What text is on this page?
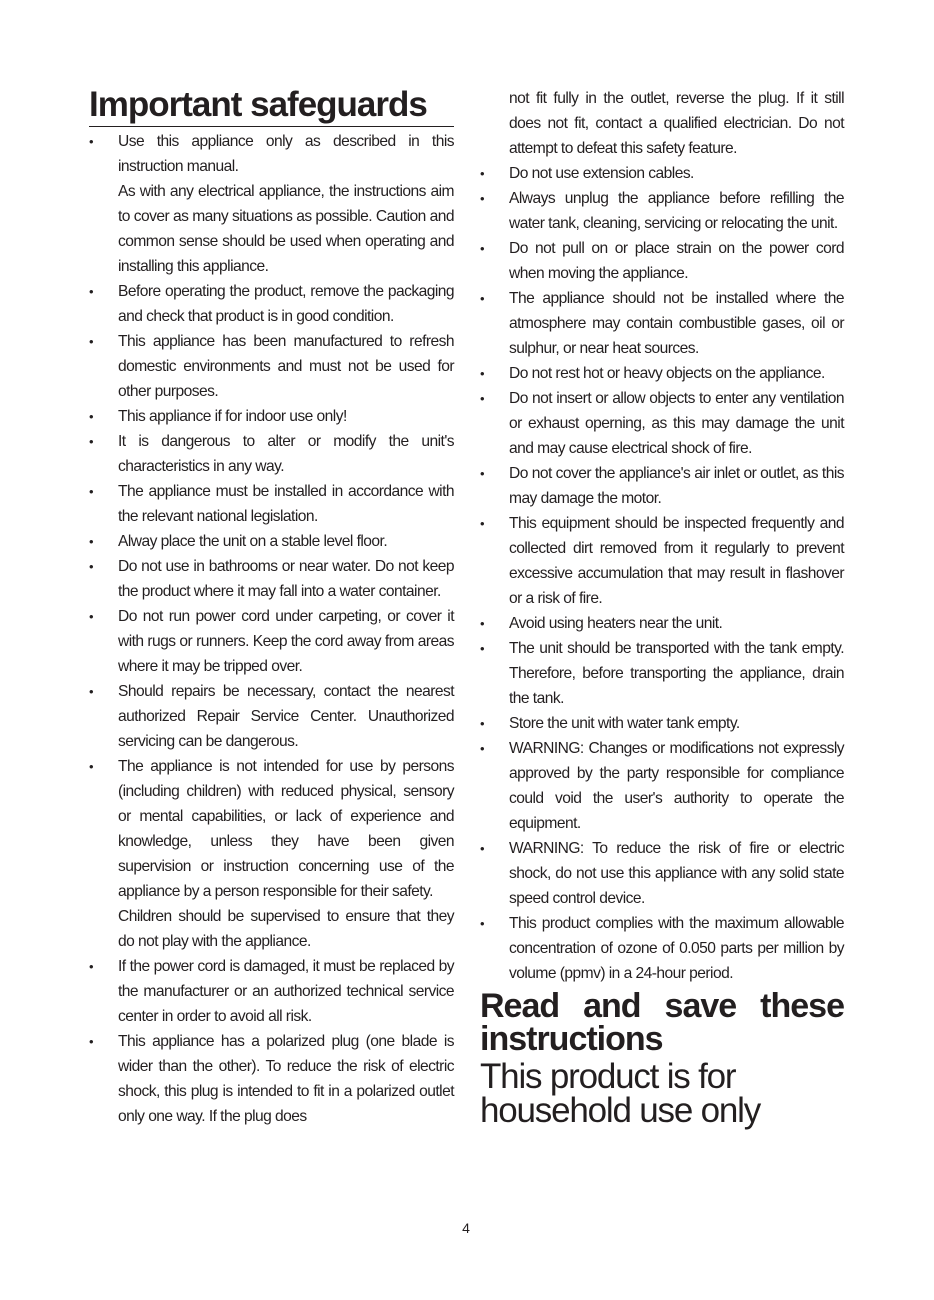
Important safeguards

• Use this appliance only as described in this instruction manual.

As with any electrical appliance, the instructions aim to cover as many situations as possible. Caution and common sense should be used when operating and installing this appliance.

• Before operating the product, remove the packaging and check that product is in good condition.

• This appliance has been manufactured to refresh domestic environments and must not be used for other purposes.

• This appliance if for indoor use only!

• It is dangerous to alter or modify the unit's characteristics in any way.

• The appliance must be installed in accordance with the relevant national legislation.

• Alway place the unit on a stable level floor.

• Do not use in bathrooms or near water. Do not keep the product where it may fall into a water container.

• Do not run power cord under carpeting, or cover it with rugs or runners. Keep the cord away from areas where it may be tripped over.

• Should repairs be necessary, contact the nearest authorized Repair Service Center. Unauthorized servicing can be dangerous.

• The appliance is not intended for use by persons (including children) with reduced physical, sensory or mental capabilities, or lack of experience and knowledge, unless they have been given supervision or instruction concerning use of the appliance by a person responsible for their safety.

Children should be supervised to ensure that they do not play with the appliance.

• If the power cord is damaged, it must be replaced by the manufacturer or an authorized technical service center in order to avoid all risk.

• This appliance has a polarized plug (one blade is wider than the other). To reduce the risk of electric shock, this plug is intended to fit in a polarized outlet only one way. If the plug does

not fit fully in the outlet, reverse the plug. If it still does not fit, contact a qualified electrician. Do not attempt to defeat this safety feature.

• Do not use extension cables.

• Always unplug the appliance before refilling the water tank, cleaning, servicing or relocating the unit.

• Do not pull on or place strain on the power cord when moving the appliance.

• The appliance should not be installed where the atmosphere may contain combustible gases, oil or sulphur, or near heat sources.

• Do not rest hot or heavy objects on the appliance.

• Do not insert or allow objects to enter any ventilation or exhaust operning, as this may damage the unit and may cause electrical shock of fire.

• Do not cover the appliance's air inlet or outlet, as this may damage the motor.

• This equipment should be inspected frequently and collected dirt removed from it regularly to prevent excessive accumulation that may result in flashover or a risk of fire.

• Avoid using heaters near the unit.

• The unit should be transported with the tank empty. Therefore, before transporting the appliance, drain the tank.

• Store the unit with water tank empty.

• WARNING: Changes or modifications not expressly approved by the party responsible for compliance could void the user's authority to operate the equipment.

• WARNING: To reduce the risk of fire or electric shock, do not use this appliance with any solid state speed control device.

• This product complies with the maximum allowable concentration of ozone of 0.050 parts per million by volume (ppmv) in a 24-hour period.

Read and save these
instructions
This product is for household use only
4
